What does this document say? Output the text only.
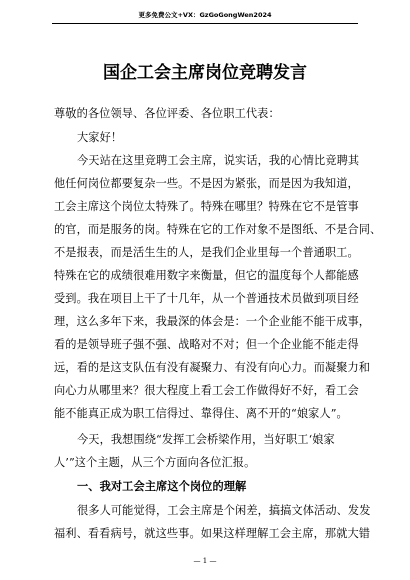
更多免费公文+VX：GzGoGongWen2024
国企工会主席岗位竞聘发言
尊敬的各位领导、各位评委、各位职工代表：
大家好！
今天站在这里竞聘工会主席，说实话，我的心情比竞聘其
他任何岗位都要复杂一些。不是因为紧张，而是因为我知道，
工会主席这个岗位太特殊了。特殊在哪里？特殊在它不是管事
的官，而是服务的岗。特殊在它的工作对象不是图纸、不是合同、
不是报表，而是活生生的人，是我们企业里每一个普通职工。
特殊在它的成绩很难用数字来衡量，但它的温度每个人都能感
受到。我在项目上干了十几年，从一个普通技术员做到项目经
理，这么多年下来，我最深的体会是：一个企业能不能干成事，
看的是领导班子强不强、战略对不对；但一个企业能不能走得
远，看的是这支队伍有没有凝聚力、有没有向心力。而凝聚力和
向心力从哪里来？很大程度上看工会工作做得好不好，看工会
能不能真正成为职工信得过、靠得住、离不开的“娘家人”。
今天，我想围绕“发挥工会桥梁作用，当好职工‘娘家
人’”这个主题，从三个方面向各位汇报。
一、我对工会主席这个岗位的理解
很多人可能觉得，工会主席是个闲差，搞搞文体活动、发发
福利、看看病号，就这些事。如果这样理解工会主席，那就大错
— 1 —
